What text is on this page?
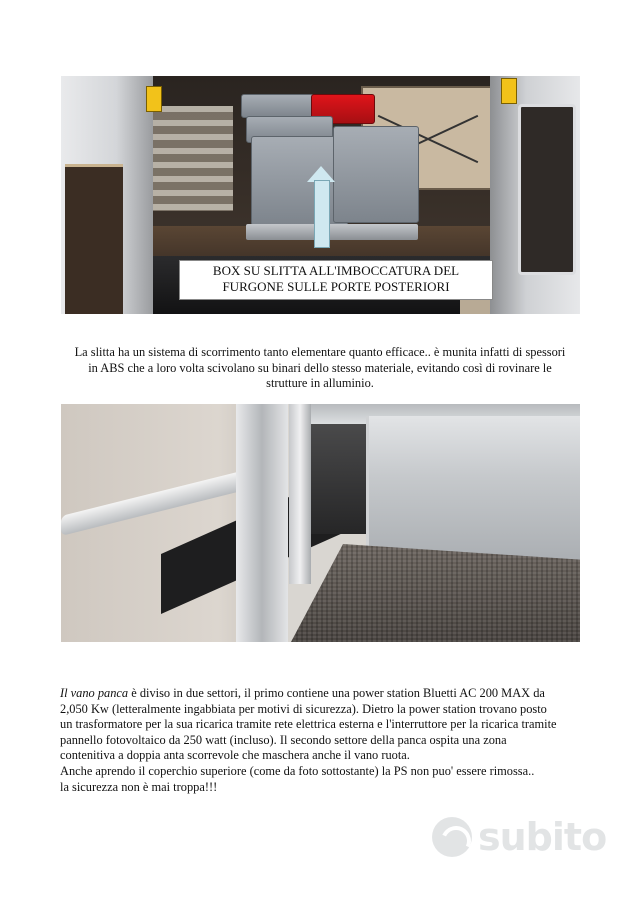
BOX SU SLITTA ALL'IMBOCCATURA DEL
FURGONE SULLE PORTE POSTERIORI
La slitta ha un sistema di scorrimento tanto elementare quanto efficace.. è munita infatti di spessori
in ABS che a loro volta scivolano su binari dello stesso materiale, evitando così di rovinare le
strutture in alluminio.

Il vano panca è diviso in due settori, il primo contiene una power station Bluetti AC 200 MAX da

2,050 Kw (letteralmente ingabbiata per motivi di sicurezza). Dietro la power station trovano posto

un trasformatore per la sua ricarica tramite rete elettrica esterna e l'interruttore per la ricarica tramite

pannello fotovoltaico da 250 watt (incluso). Il secondo settore della panca ospita una zona

contenitiva a doppia anta scorrevole che maschera anche il vano ruota.

Anche aprendo il coperchio superiore (come da foto sottostante) la PS non puo' essere rimossa..

la sicurezza non è mai troppa!!!

subito
